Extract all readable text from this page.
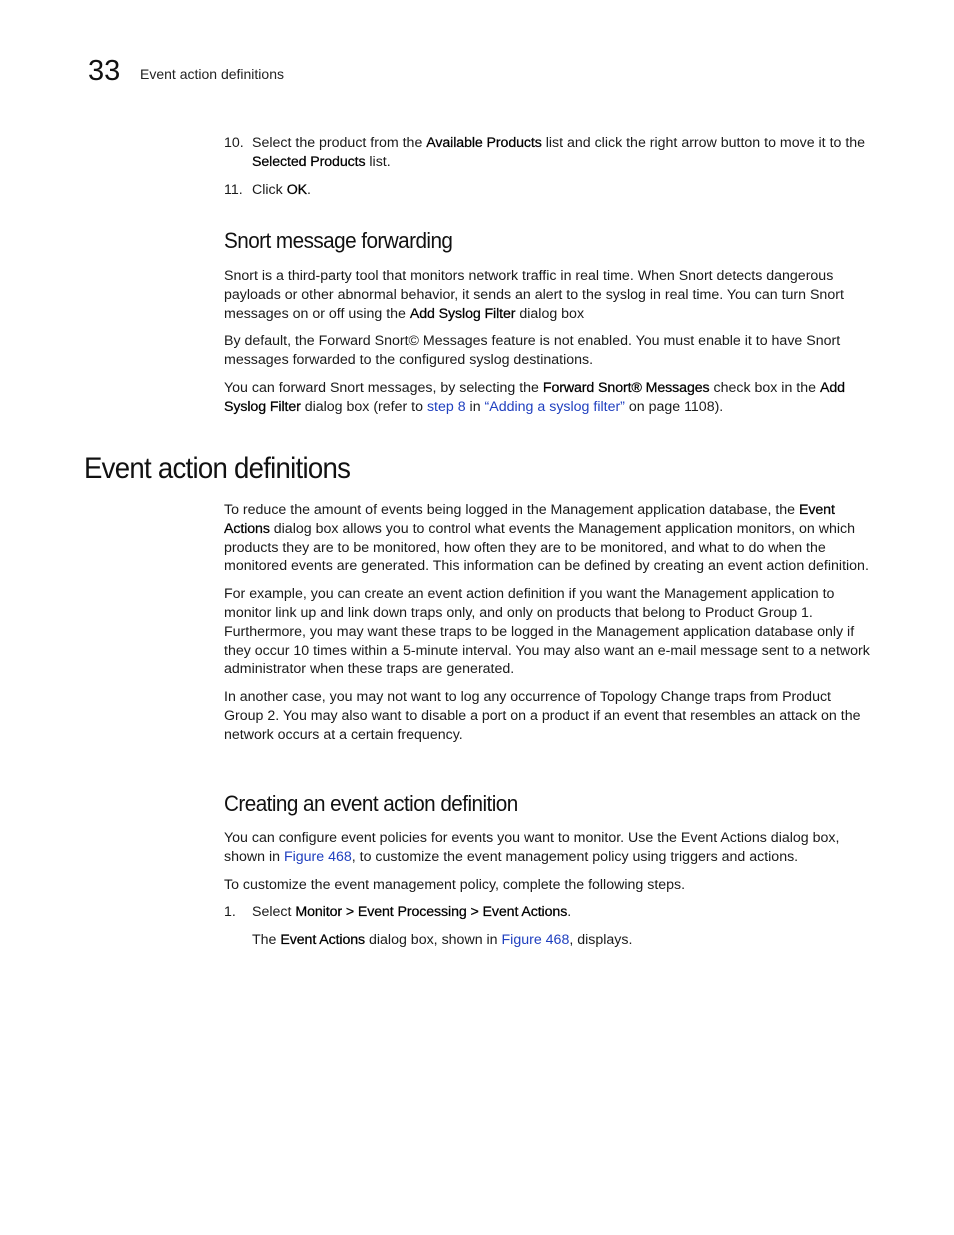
33 Event action definitions
10. Select the product from the Available Products list and click the right arrow button to move it to the Selected Products list.
11. Click OK.
Snort message forwarding

Snort is a third-party tool that monitors network traffic in real time. When Snort detects dangerous payloads or other abnormal behavior, it sends an alert to the syslog in real time. You can turn Snort messages on or off using the Add Syslog Filter dialog box

By default, the Forward Snort© Messages feature is not enabled. You must enable it to have Snort messages forwarded to the configured syslog destinations.

You can forward Snort messages, by selecting the Forward Snort® Messages check box in the Add Syslog Filter dialog box (refer to step 8 in “Adding a syslog filter” on page 1108).

Event action definitions

To reduce the amount of events being logged in the Management application database, the Event Actions dialog box allows you to control what events the Management application monitors, on which products they are to be monitored, how often they are to be monitored, and what to do when the monitored events are generated. This information can be defined by creating an event action definition.

For example, you can create an event action definition if you want the Management application to monitor link up and link down traps only, and only on products that belong to Product Group 1. Furthermore, you may want these traps to be logged in the Management application database only if they occur 10 times within a 5-minute interval. You may also want an e-mail message sent to a network administrator when these traps are generated.

In another case, you may not want to log any occurrence of Topology Change traps from Product Group 2. You may also want to disable a port on a product if an event that resembles an attack on the network occurs at a certain frequency.

Creating an event action definition

You can configure event policies for events you want to monitor. Use the Event Actions dialog box, shown in Figure 468, to customize the event management policy using triggers and actions.

To customize the event management policy, complete the following steps.

1. Select Monitor > Event Processing > Event Actions.

The Event Actions dialog box, shown in Figure 468, displays.
